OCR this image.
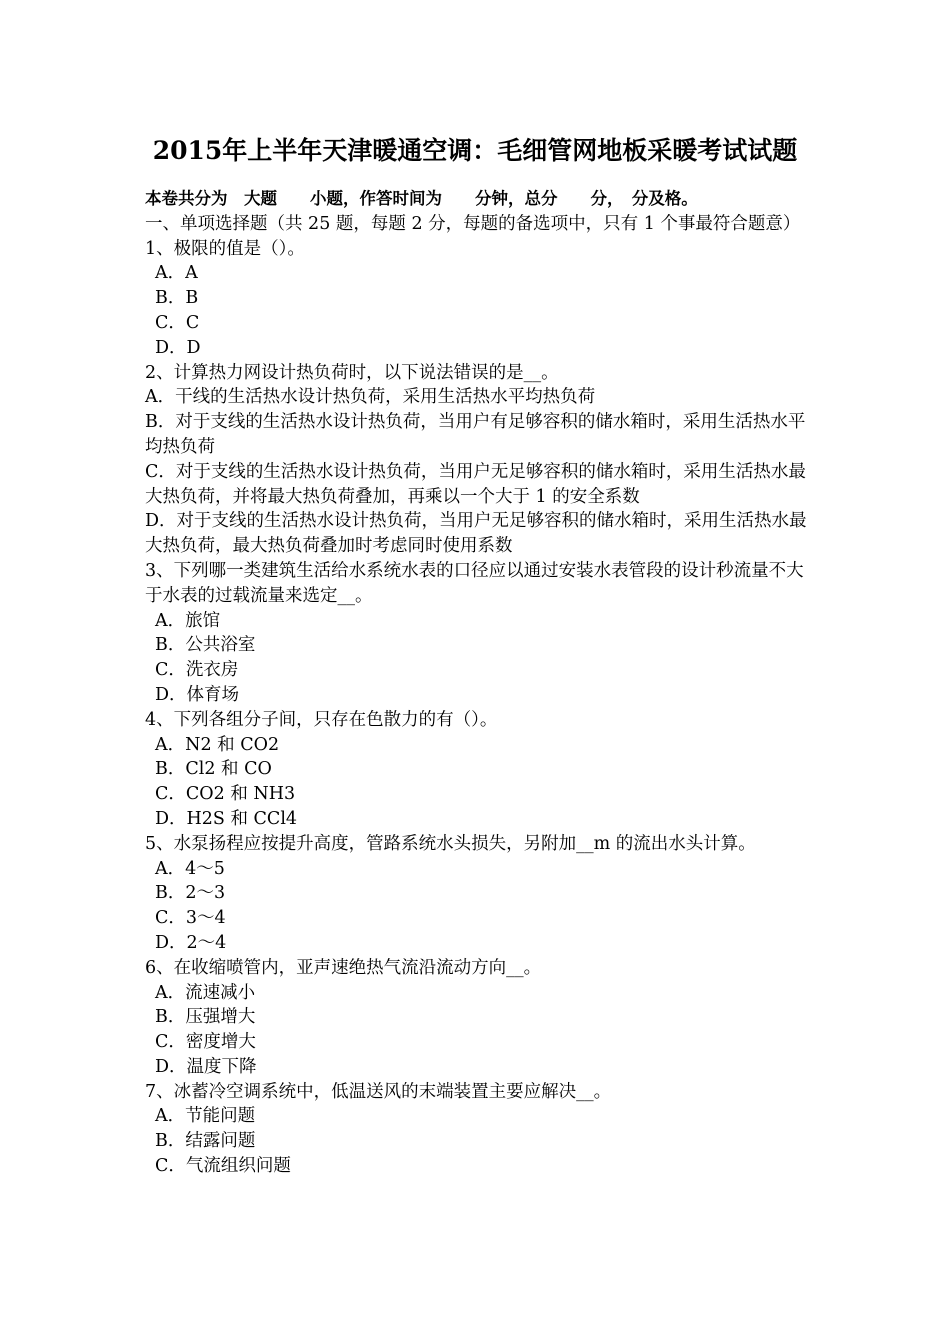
2015年上半年天津暖通空调：毛细管网地板采暖考试试题

本卷共分为　大题　　小题，作答时间为　　分钟，总分　　分，　分及格。

一、单项选择题（共 25 题，每题 2 分，每题的备选项中，只有 1 个事最符合题意）

1、极限的值是（）。

A．A

B．B

C．C

D．D

2、计算热力网设计热负荷时，以下说法错误的是__。

A．干线的生活热水设计热负荷，采用生活热水平均热负荷

B．对于支线的生活热水设计热负荷，当用户有足够容积的储水箱时，采用生活热水平均热负荷

C．对于支线的生活热水设计热负荷，当用户无足够容积的储水箱时，采用生活热水最大热负荷，并将最大热负荷叠加，再乘以一个大于 1 的安全系数

D．对于支线的生活热水设计热负荷，当用户无足够容积的储水箱时，采用生活热水最大热负荷，最大热负荷叠加时考虑同时使用系数

3、下列哪一类建筑生活给水系统水表的口径应以通过安装水表管段的设计秒流量不大于水表的过载流量来选定__。

A．旅馆

B．公共浴室

C．洗衣房

D．体育场

4、下列各组分子间，只存在色散力的有（）。

A．N2 和 CO2

B．Cl2 和 CO

C．CO2 和 NH3

D．H2S 和 CCl4

5、水泵扬程应按提升高度，管路系统水头损失，另附加__m 的流出水头计算。

A．4～5

B．2～3

C．3～4

D．2～4

6、在收缩喷管内，亚声速绝热气流沿流动方向__。

A．流速减小

B．压强增大

C．密度增大

D．温度下降

7、冰蓄冷空调系统中，低温送风的末端装置主要应解决__。

A．节能问题

B．结露问题

C．气流组织问题
